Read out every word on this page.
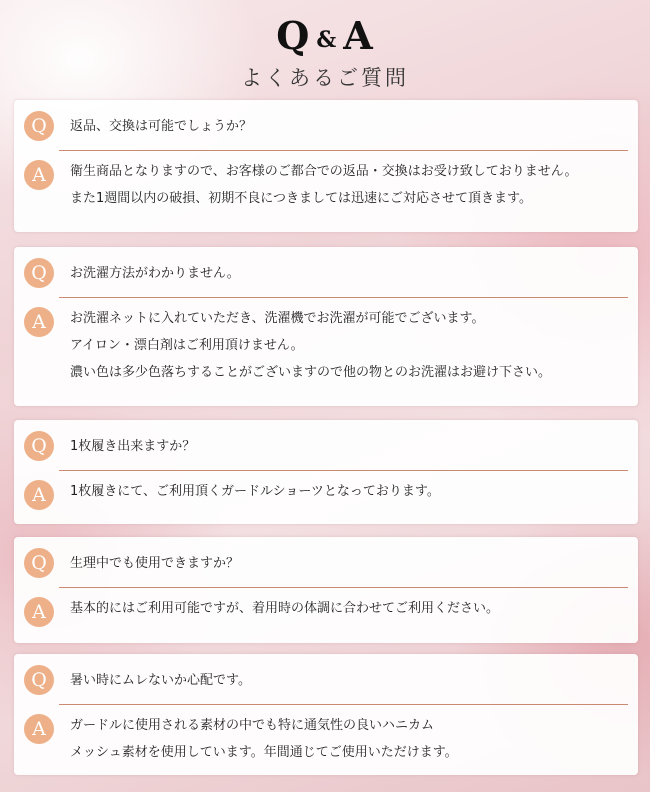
Q & A
よくあるご質問
Q	返品、交換は可能でしょうか？
A	衛生商品となりますので、お客様のご都合での返品・交換はお受け致しておりません。
また1週間以内の破損、初期不良につきましては迅速にご対応させて頂きます。
Q	お洗濯方法がわかりません。
A	お洗濯ネットに入れていただき、洗濯機でお洗濯が可能でございます。
アイロン・漂白剤はご利用頂けません。
濃い色は多少色落ちすることがございますので他の物とのお洗濯はお避け下さい。
Q	1枚履き出来ますか？
A	1枚履きにて、ご利用頂くガードルショーツとなっております。
Q	生理中でも使用できますか？
A	基本的にはご利用可能ですが、着用時の体調に合わせてご利用ください。
Q	暑い時にムレないか心配です。
A	ガードルに使用される素材の中でも特に通気性の良いハニカム
メッシュ素材を使用しています。年間通じてご使用いただけます。
